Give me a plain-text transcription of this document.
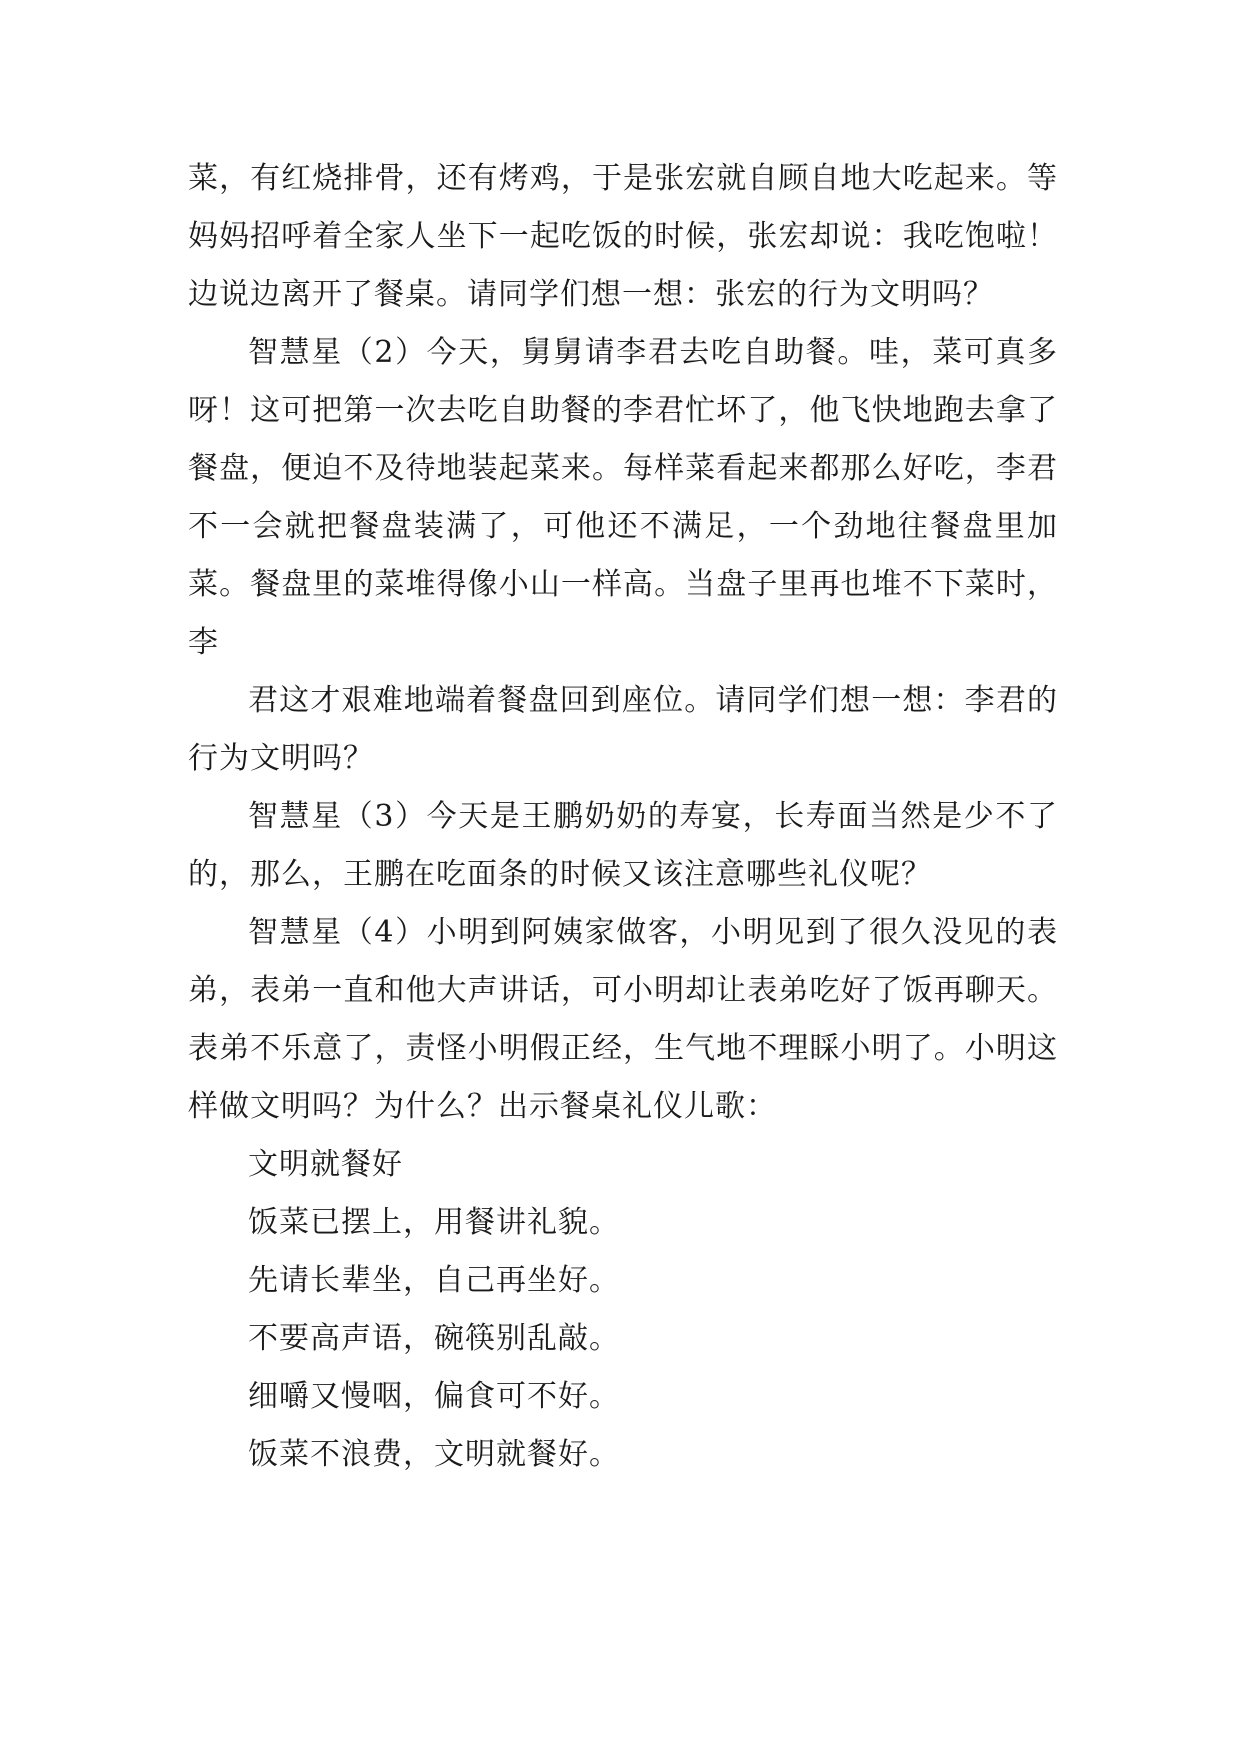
菜，有红烧排骨，还有烤鸡，于是张宏就自顾自地大吃起来。等妈妈招呼着全家人坐下一起吃饭的时候，张宏却说：我吃饱啦！边说边离开了餐桌。请同学们想一想：张宏的行为文明吗？

智慧星（2）今天，舅舅请李君去吃自助餐。哇，菜可真多呀！这可把第一次去吃自助餐的李君忙坏了，他飞快地跑去拿了餐盘，便迫不及待地装起菜来。每样菜看起来都那么好吃，李君不一会就把餐盘装满了，可他还不满足，一个劲地往餐盘里加菜。餐盘里的菜堆得像小山一样高。当盘子里再也堆不下菜时，李

君这才艰难地端着餐盘回到座位。请同学们想一想：李君的行为文明吗？

智慧星（3）今天是王鹏奶奶的寿宴，长寿面当然是少不了的，那么，王鹏在吃面条的时候又该注意哪些礼仪呢？

智慧星（4）小明到阿姨家做客，小明见到了很久没见的表弟，表弟一直和他大声讲话，可小明却让表弟吃好了饭再聊天。表弟不乐意了，责怪小明假正经，生气地不理睬小明了。小明这样做文明吗？为什么？出示餐桌礼仪儿歌：

文明就餐好

饭菜已摆上，用餐讲礼貌。

先请长辈坐，自己再坐好。

不要高声语，碗筷别乱敲。

细嚼又慢咽，偏食可不好。

饭菜不浪费，文明就餐好。
